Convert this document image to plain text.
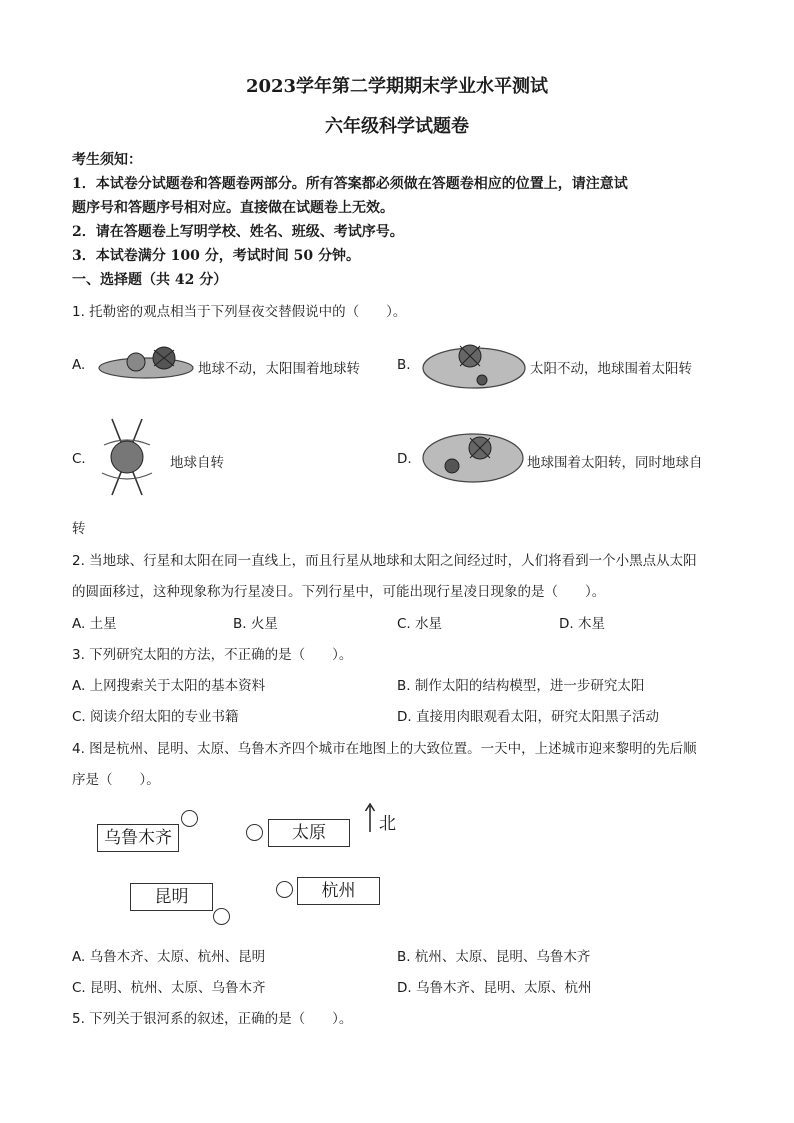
2023学年第二学期期末学业水平测试
六年级科学试题卷
考生须知：
1．本试卷分试题卷和答题卷两部分。所有答案都必须做在答题卷相应的位置上，请注意试
题序号和答题序号相对应。直接做在试题卷上无效。
2．请在答题卷上写明学校、姓名、班级、考试序号。
3．本试卷满分 100 分，考试时间 50 分钟。
一、选择题（共 42 分）
1. 托勒密的观点相当于下列昼夜交替假说中的（　　）。
A.	地球不动，太阳围着地球转	B.	太阳不动，地球围着太阳转
C.	地球自转	D.	地球围着太阳转，同时地球自
转
2. 当地球、行星和太阳在同一直线上，而且行星从地球和太阳之间经过时，人们将看到一个小黑点从太阳
的圆面移过，这种现象称为行星凌日。下列行星中，可能出现行星凌日现象的是（　　）。
A. 土星	B. 火星	C. 水星	D. 木星
3. 下列研究太阳的方法，不正确的是（　　）。
A. 上网搜索关于太阳的基本资料	B. 制作太阳的结构模型，进一步研究太阳
C. 阅读介绍太阳的专业书籍	D. 直接用肉眼观看太阳，研究太阳黑子活动
4. 图是杭州、昆明、太原、乌鲁木齐四个城市在地图上的大致位置。一天中，上述城市迎来黎明的先后顺
序是（　　）。
乌鲁木齐	太原	北
昆明	杭州
A. 乌鲁木齐、太原、杭州、昆明	B. 杭州、太原、昆明、乌鲁木齐
C. 昆明、杭州、太原、乌鲁木齐	D. 乌鲁木齐、昆明、太原、杭州
5. 下列关于银河系的叙述，正确的是（　　）。
